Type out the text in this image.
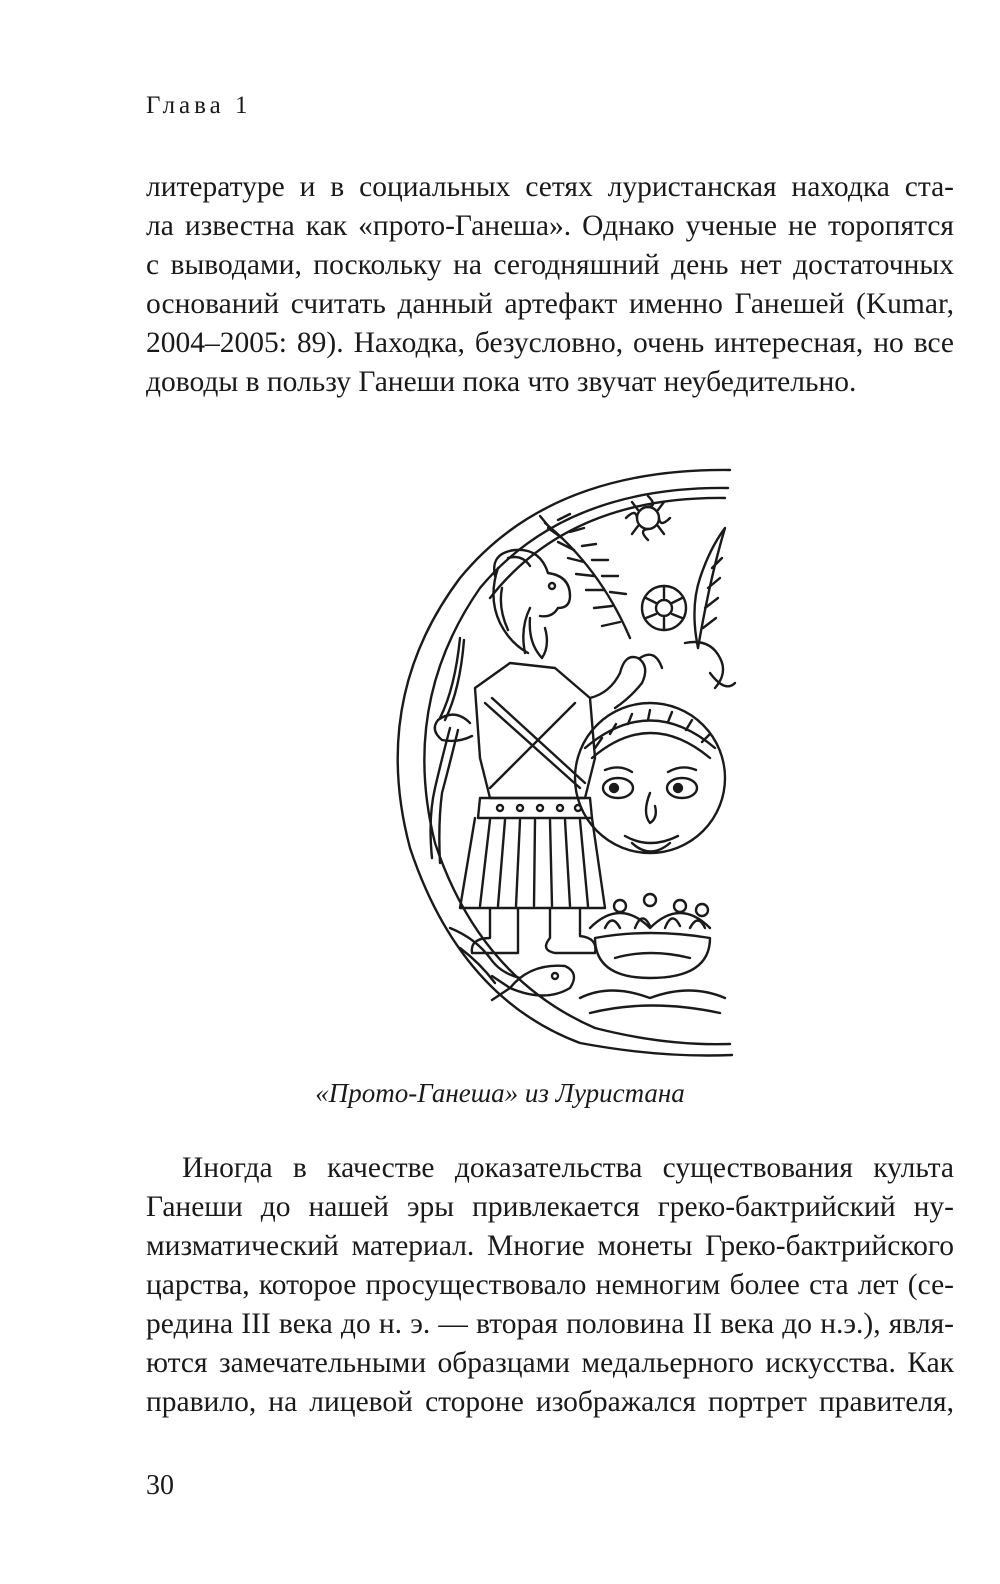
Глава 1
литературе и в социальных сетях луристанская находка ста-
ла известна как «прото-Ганеша». Однако ученые не торопятся
с выводами, поскольку на сегодняшний день нет достаточных
оснований считать данный артефакт именно Ганешей (Kumar,
2004–2005: 89). Находка, безусловно, очень интересная, но все
доводы в пользу Ганеши пока что звучат неубедительно.
«Прото-Ганеша» из Луристана
Иногда в качестве доказательства существования культа
Ганеши до нашей эры привлекается греко-бактрийский ну-
мизматический материал. Многие монеты Греко-бактрийского
царства, которое просуществовало немногим более ста лет (се-
редина III века до н. э. — вторая половина II века до н.э.), явля-
ются замечательными образцами медальерного искусства. Как
правило, на лицевой стороне изображался портрет правителя,
30
